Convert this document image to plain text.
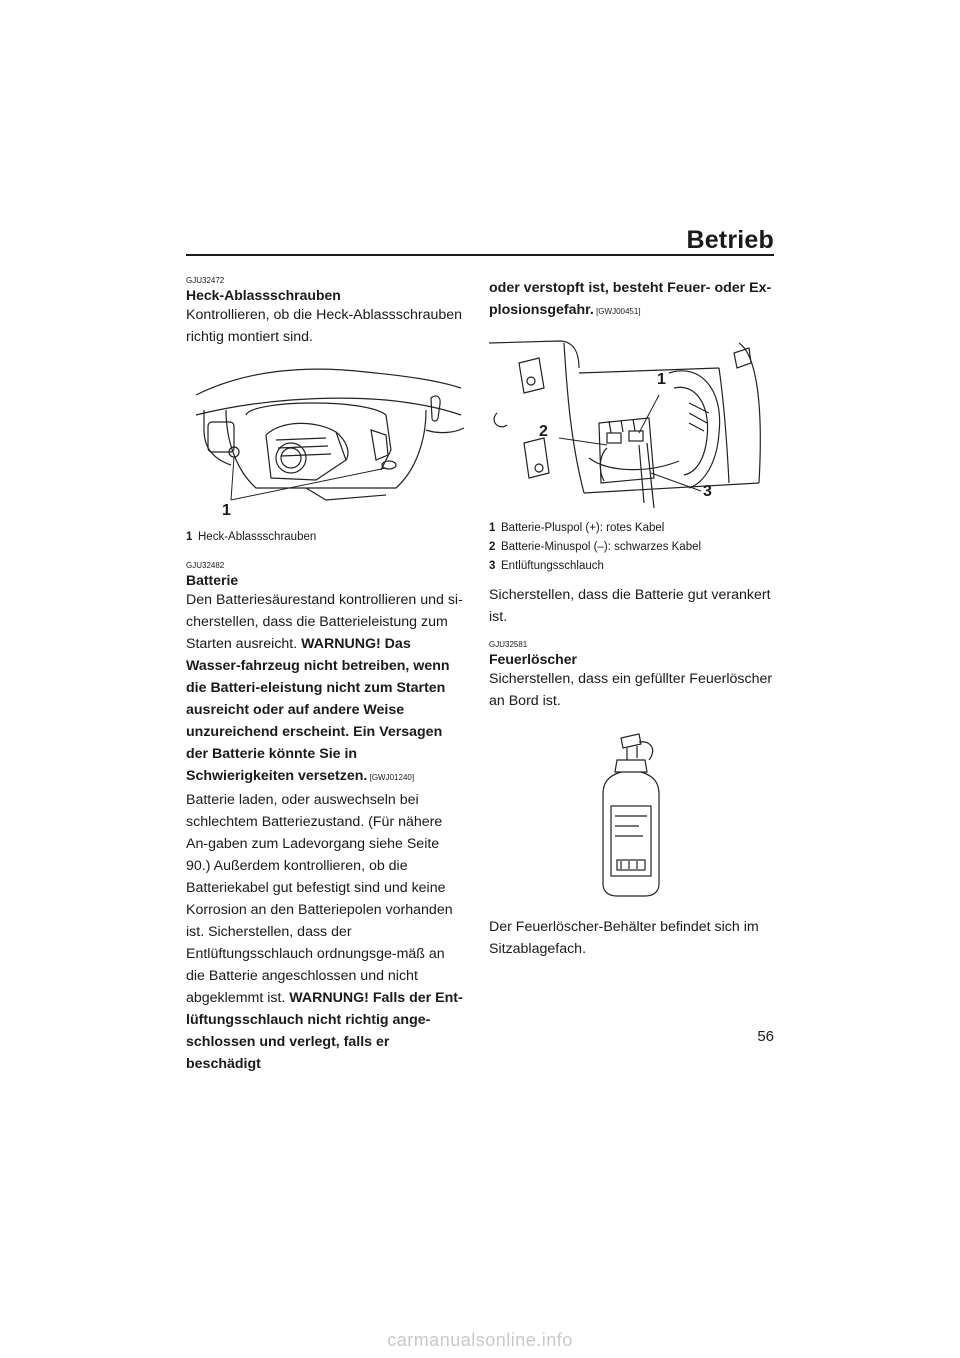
Betrieb
GJU32472
Heck-Ablassschrauben

Kontrollieren, ob die Heck-Ablassschrauben richtig montiert sind.

1

1 Heck-Ablassschrauben

GJU32482
Batterie

Den Batteriesäurestand kontrollieren und si-cherstellen, dass die Batterieleistung zum Starten ausreicht. WARNUNG! Das Wasser-fahrzeug nicht betreiben, wenn die Batteri-eleistung nicht zum Starten ausreicht oder auf andere Weise unzureichend erscheint. Ein Versagen der Batterie könnte Sie in Schwierigkeiten versetzen. [GWJ01240]

Batterie laden, oder auswechseln bei schlechtem Batteriezustand. (Für nähere An-gaben zum Ladevorgang siehe Seite 90.) Außerdem kontrollieren, ob die Batteriekabel gut befestigt sind und keine Korrosion an den Batteriepolen vorhanden ist. Sicherstellen, dass der Entlüftungsschlauch ordnungsge-mäß an die Batterie angeschlossen und nicht abgeklemmt ist. WARNUNG! Falls der Ent-lüftungsschlauch nicht richtig ange-schlossen und verlegt, falls er beschädigt

oder verstopft ist, besteht Feuer- oder Ex-plosionsgefahr. [GWJ00451]

1
2
3

1 Batterie-Pluspol (+): rotes Kabel

2 Batterie-Minuspol (–): schwarzes Kabel

3 Entlüftungsschlauch

Sicherstellen, dass die Batterie gut verankert ist.

GJU32581
Feuerlöscher

Sicherstellen, dass ein gefüllter Feuerlöscher an Bord ist.

Der Feuerlöscher-Behälter befindet sich im Sitzablagefach.

56
carmanualsonline.info
